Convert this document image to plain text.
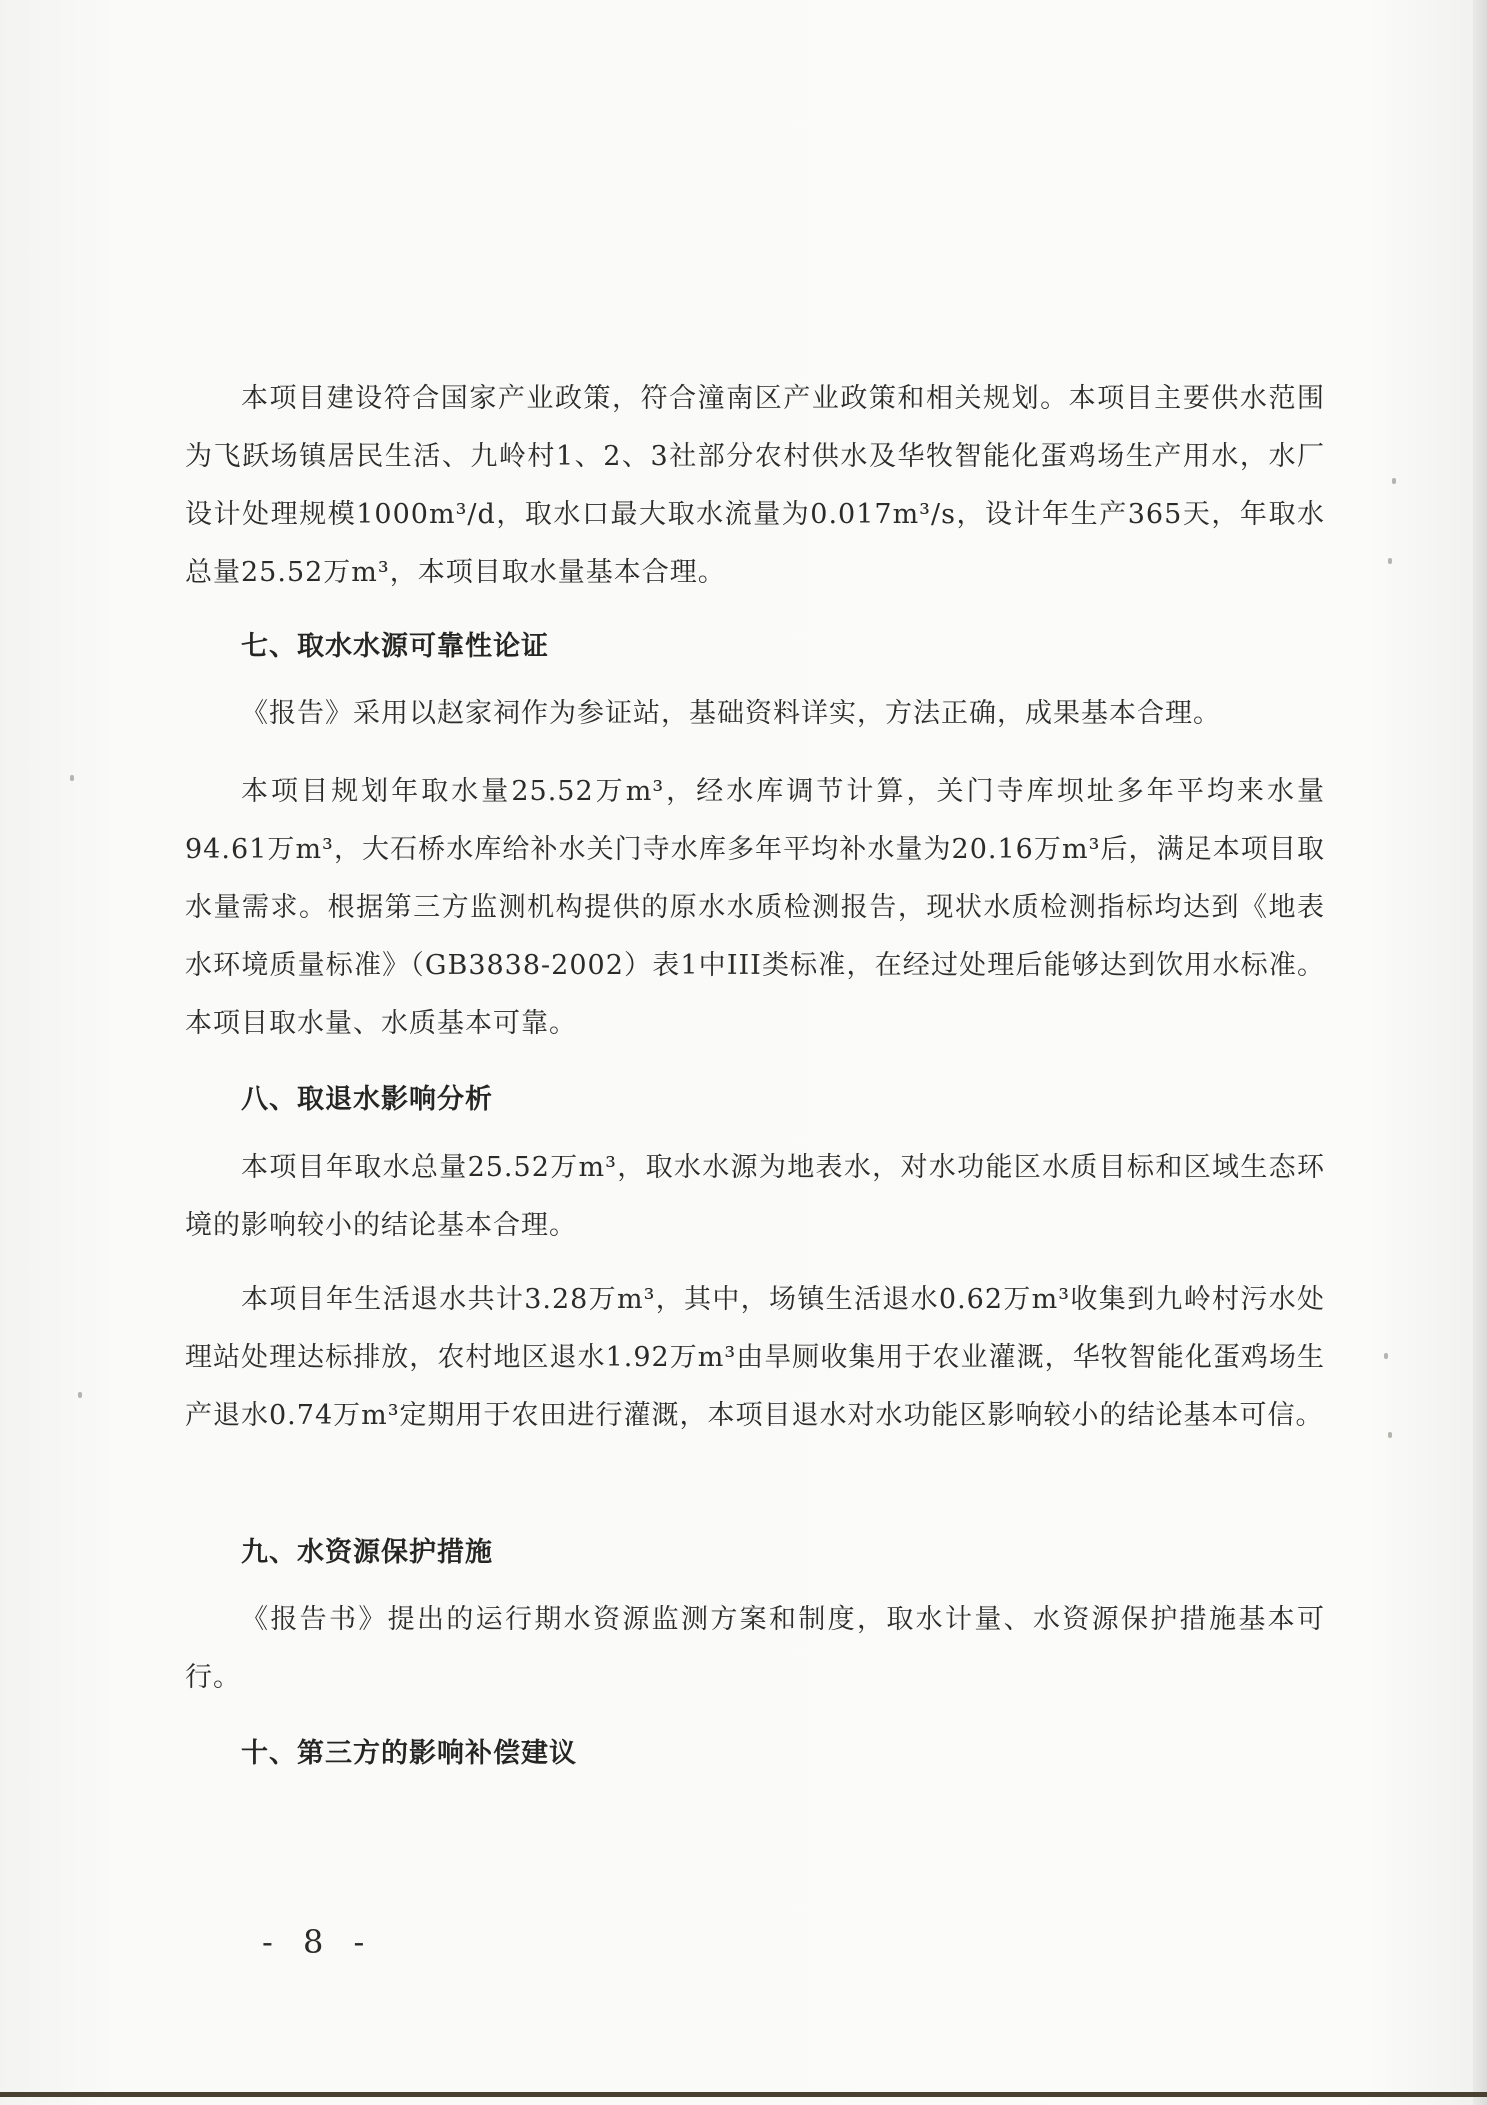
本项目建设符合国家产业政策，符合潼南区产业政策和相关规划。本项目主要供水范围为飞跃场镇居民生活、九岭村1、2、3社部分农村供水及华牧智能化蛋鸡场生产用水，水厂设计处理规模1000m³/d，取水口最大取水流量为0.017m³/s，设计年生产365天，年取水总量25.52万m³，本项目取水量基本合理。

七、取水水源可靠性论证

《报告》采用以赵家祠作为参证站，基础资料详实，方法正确，成果基本合理。

本项目规划年取水量25.52万m³，经水库调节计算，关门寺库坝址多年平均来水量94.61万m³，大石桥水库给补水关门寺水库多年平均补水量为20.16万m³后，满足本项目取水量需求。根据第三方监测机构提供的原水水质检测报告，现状水质检测指标均达到《地表水环境质量标准》（GB3838-2002）表1中III类标准，在经过处理后能够达到饮用水标准。本项目取水量、水质基本可靠。

八、取退水影响分析

本项目年取水总量25.52万m³，取水水源为地表水，对水功能区水质目标和区域生态环境的影响较小的结论基本合理。

本项目年生活退水共计3.28万m³，其中，场镇生活退水0.62万m³收集到九岭村污水处理站处理达标排放，农村地区退水1.92万m³由旱厕收集用于农业灌溉，华牧智能化蛋鸡场生产退水0.74万m³定期用于农田进行灌溉，本项目退水对水功能区影响较小的结论基本可信。

九、水资源保护措施

《报告书》提出的运行期水资源监测方案和制度，取水计量、水资源保护措施基本可行。

十、第三方的影响补偿建议
- 8 -
